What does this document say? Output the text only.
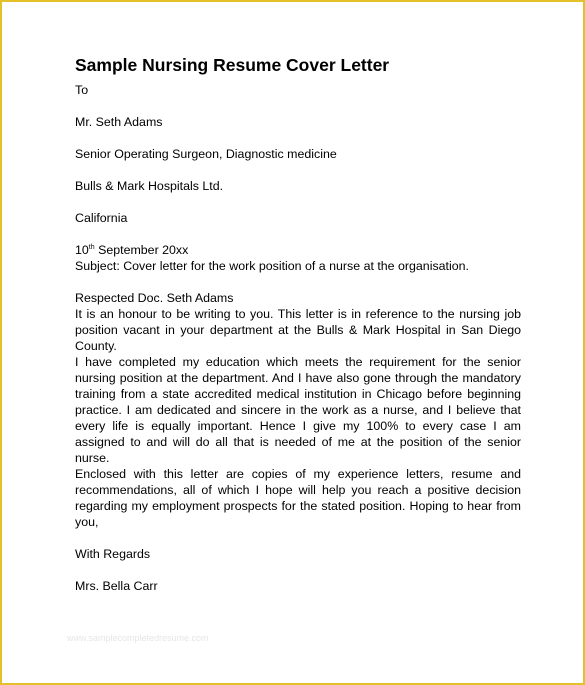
Sample Nursing Resume Cover Letter

To

Mr. Seth Adams

Senior Operating Surgeon, Diagnostic medicine

Bulls & Mark Hospitals Ltd.

California

10th September 20xx

Subject: Cover letter for the work position of a nurse at the organisation.

Respected Doc. Seth Adams

It is an honour to be writing to you. This letter is in reference to the nursing job position vacant in your department at the Bulls & Mark Hospital in San Diego County.

I have completed my education which meets the requirement for the senior nursing position at the department. And I have also gone through the mandatory training from a state accredited medical institution in Chicago before beginning practice. I am dedicated and sincere in the work as a nurse, and I believe that every life is equally important. Hence I give my 100% to every case I am assigned to and will do all that is needed of me at the position of the senior nurse.

Enclosed with this letter are copies of my experience letters, resume and recommendations, all of which I hope will help you reach a positive decision regarding my employment prospects for the stated position. Hoping to hear from you,

With Regards

Mrs. Bella Carr

www.samplecompletedresume.com
